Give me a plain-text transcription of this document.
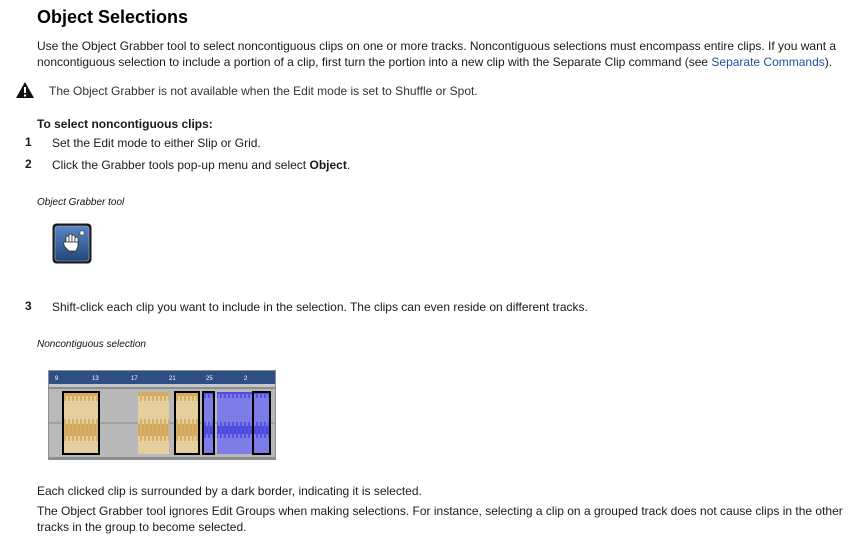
Object Selections
Use the Object Grabber tool to select noncontiguous clips on one or more tracks. Noncontiguous selections must encompass entire clips. If you want a noncontiguous selection to include a portion of a clip, first turn the portion into a new clip with the Separate Clip command (see Separate Commands).
The Object Grabber is not available when the Edit mode is set to Shuffle or Spot.
To select noncontiguous clips:
1 Set the Edit mode to either Slip or Grid.
2 Click the Grabber tools pop-up menu and select Object.
Object Grabber tool
3 Shift-click each clip you want to include in the selection. The clips can even reside on different tracks.
Noncontiguous selection
9	13	17	21	25	2
Each clicked clip is surrounded by a dark border, indicating it is selected.
The Object Grabber tool ignores Edit Groups when making selections. For instance, selecting a clip on a grouped track does not cause clips in the other tracks in the group to become selected.
